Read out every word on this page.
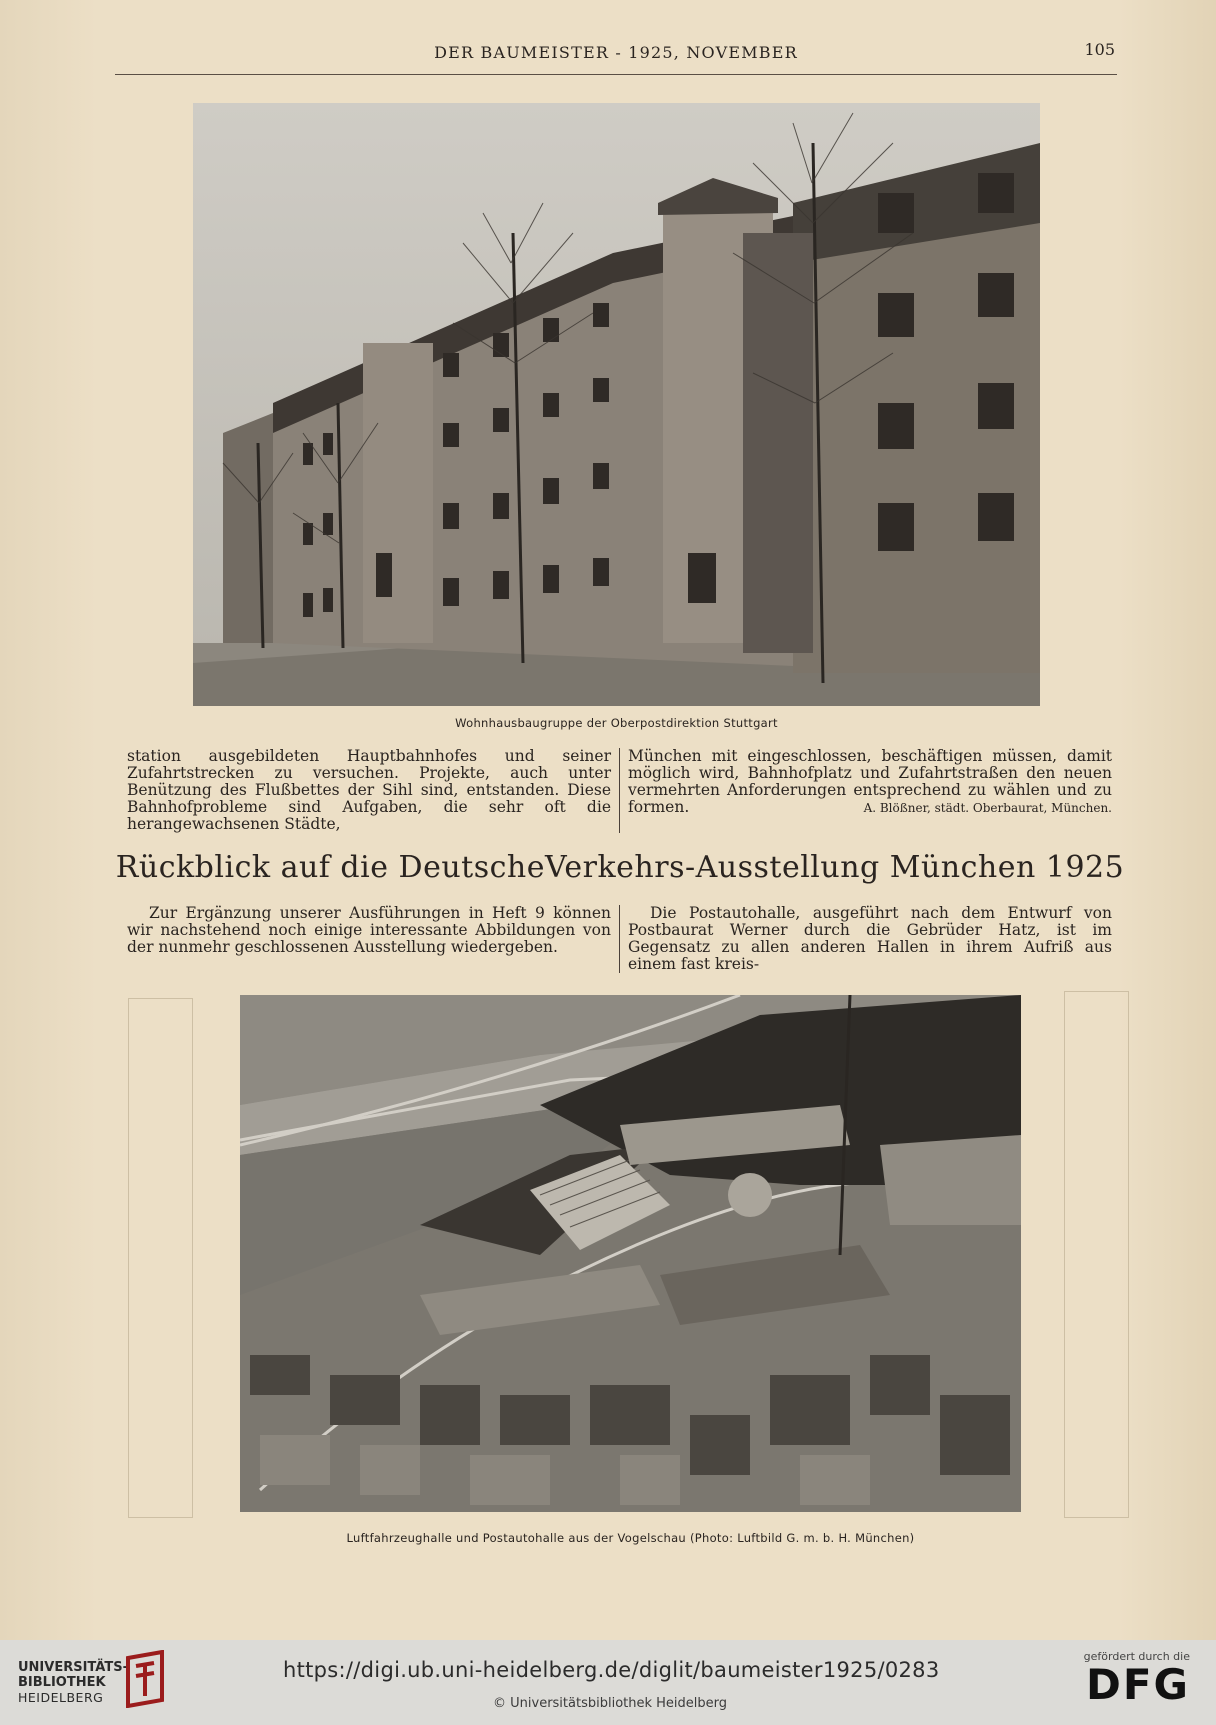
DER BAUMEISTER - 1925, NOVEMBER	105
Wohnhausbaugruppe der Oberpostdirektion Stuttgart

station ausgebildeten Hauptbahnhofes und seiner Zufahrtstrecken zu versuchen. Projekte, auch unter Benützung des Flußbettes der Sihl sind, entstanden. Diese Bahnhofprobleme sind Aufgaben, die sehr oft die herangewachsenen Städte,

München mit eingeschlossen, beschäftigen müssen, damit möglich wird, Bahnhofplatz und Zufahrtstraßen den neuen vermehrten Anforderungen entsprechend zu wählen und zu formen.	A. Blößner, städt. Oberbaurat, München.

Rückblick auf die DeutscheVerkehrs-Ausstellung München 1925

Zur Ergänzung unserer Ausführungen in Heft 9 können wir nachstehend noch einige interessante Abbildungen von der nunmehr geschlossenen Ausstellung wiedergeben.

Die Postautohalle, ausgeführt nach dem Entwurf von Postbaurat Werner durch die Gebrüder Hatz, ist im Gegensatz zu allen anderen Hallen in ihrem Aufriß aus einem fast kreis-

Luftfahrzeughalle und Postautohalle aus der Vogelschau (Photo: Luftbild G. m. b. H. München)
UNIVERSITÄTS-
BIBLIOTHEK
HEIDELBERG
https://digi.ub.uni-heidelberg.de/diglit/baumeister1925/0283
© Universitätsbibliothek Heidelberg
gefördert durch die
DFG
